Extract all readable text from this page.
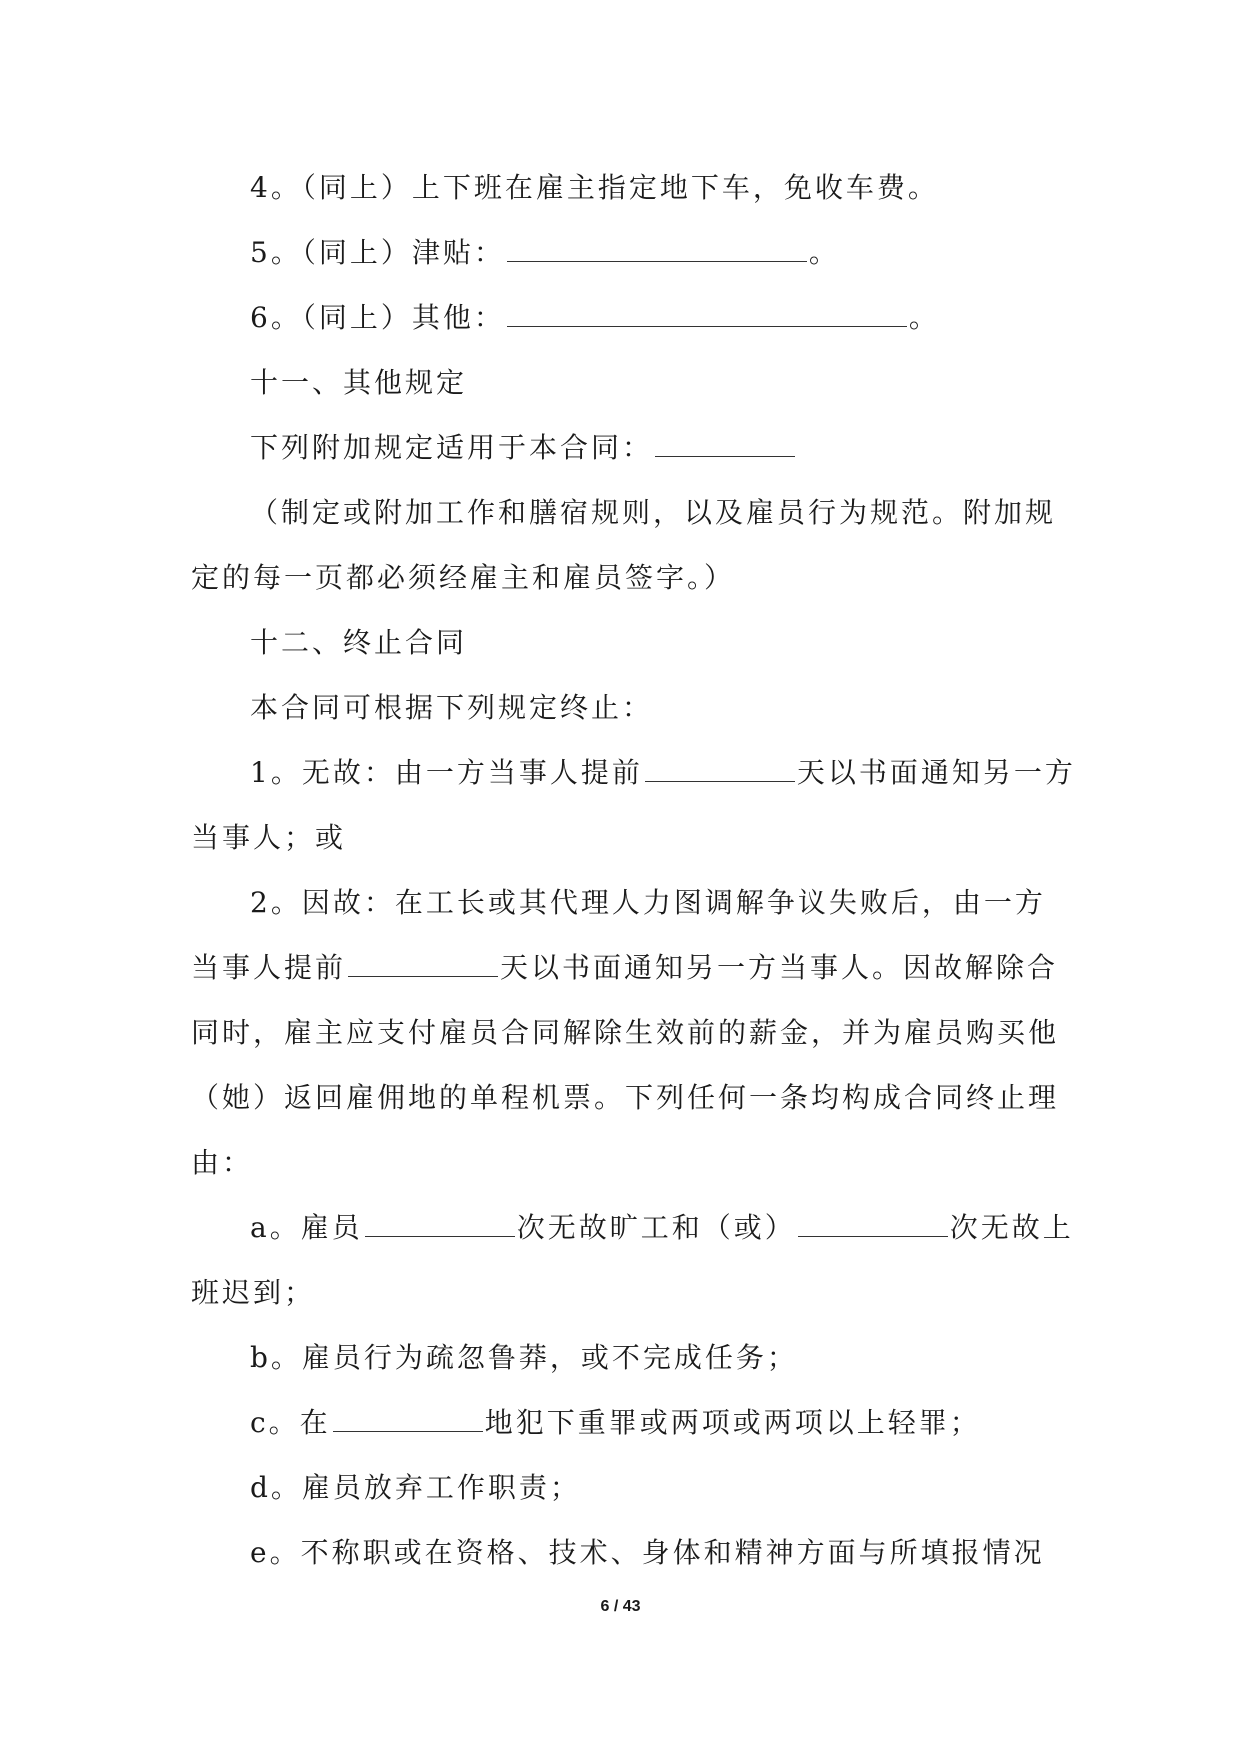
4。（同上）上下班在雇主指定地下车，免收车费。
5。（同上）津贴：	。
6。（同上）其他：	。
十一、其他规定
下列附加规定适用于本合同：
（制定或附加工作和膳宿规则，以及雇员行为规范。附加规
定的每一页都必须经雇主和雇员签字。）
十二、终止合同
本合同可根据下列规定终止：
1。无故：由一方当事人提前	天以书面通知另一方
当事人；或
2。因故：在工长或其代理人力图调解争议失败后，由一方
当事人提前	天以书面通知另一方当事人。因故解除合
同时，雇主应支付雇员合同解除生效前的薪金，并为雇员购买他
（她）返回雇佣地的单程机票。下列任何一条均构成合同终止理
由：
a。雇员	次无故旷工和（或）	次无故上
班迟到；
b。雇员行为疏忽鲁莽，或不完成任务；
c。在	地犯下重罪或两项或两项以上轻罪；
d。雇员放弃工作职责；
e。不称职或在资格、技术、身体和精神方面与所填报情况
6 / 43
